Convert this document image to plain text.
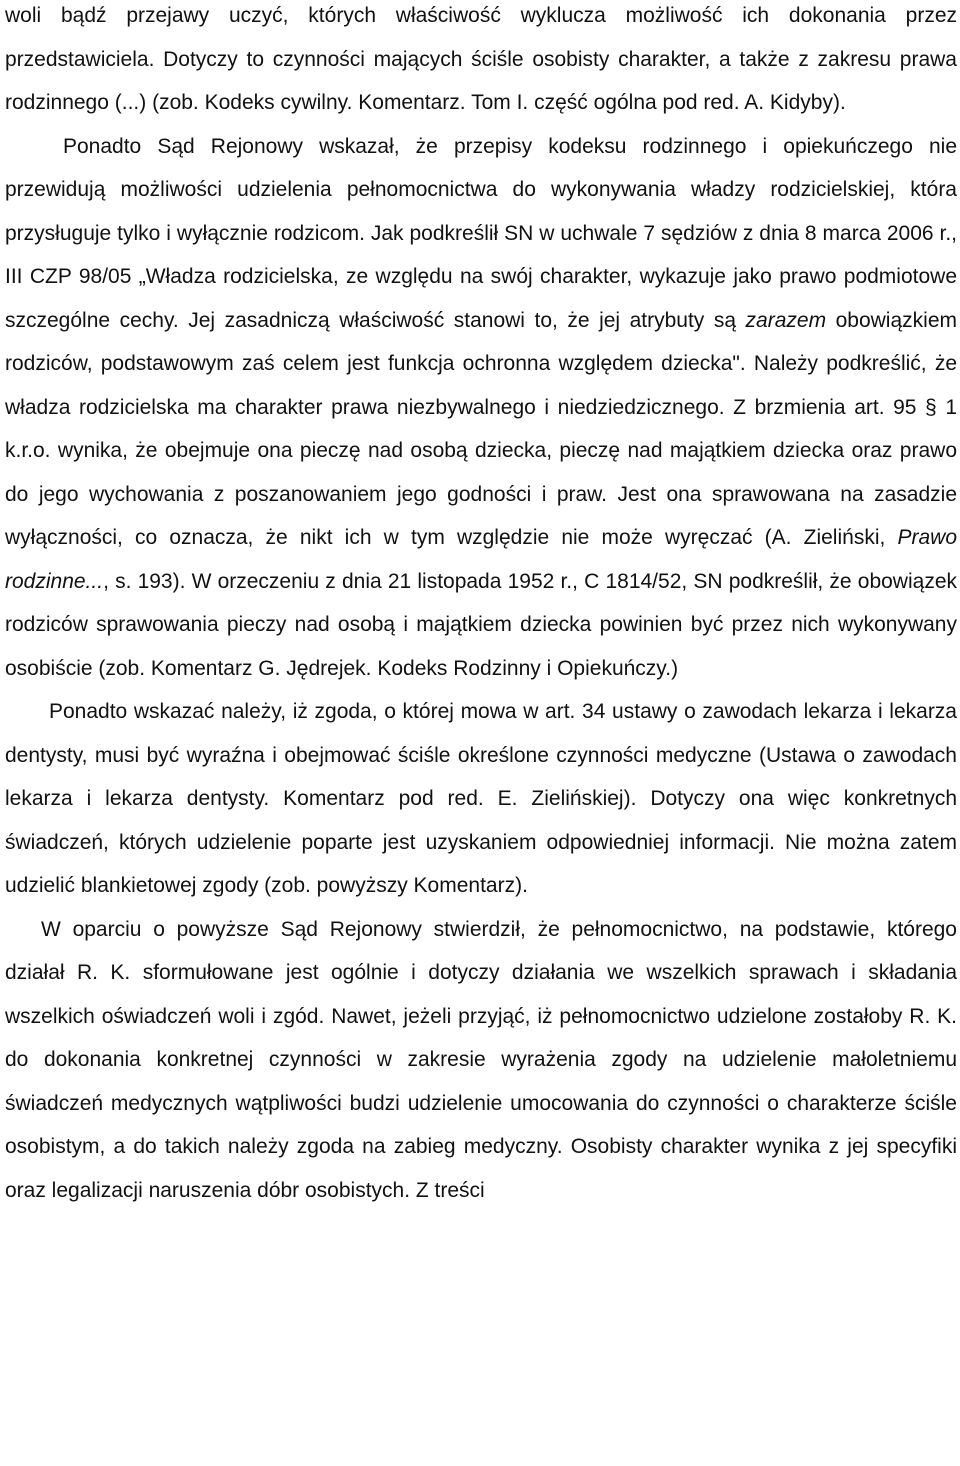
woli bądź przejawy uczyć, których właściwość wyklucza możliwość ich dokonania przez przedstawiciela. Dotyczy to czynności mających ściśle osobisty charakter, a także z zakresu prawa rodzinnego (...) (zob. Kodeks cywilny. Komentarz. Tom I. część ogólna pod red. A. Kidyby).

Ponadto Sąd Rejonowy wskazał, że przepisy kodeksu rodzinnego i opiekuńczego nie przewidują możliwości udzielenia pełnomocnictwa do wykonywania władzy rodzicielskiej, która przysługuje tylko i wyłącznie rodzicom. Jak podkreślił SN w uchwale 7 sędziów z dnia 8 marca 2006 r., III CZP 98/05 „Władza rodzicielska, ze względu na swój charakter, wykazuje jako prawo podmiotowe szczególne cechy. Jej zasadniczą właściwość stanowi to, że jej atrybuty są zarazem obowiązkiem rodziców, podstawowym zaś celem jest funkcja ochronna względem dziecka". Należy podkreślić, że władza rodzicielska ma charakter prawa niezbywalnego i niedziedzicznego. Z brzmienia art. 95 § 1 k.r.o. wynika, że obejmuje ona pieczę nad osobą dziecka, pieczę nad majątkiem dziecka oraz prawo do jego wychowania z poszanowaniem jego godności i praw. Jest ona sprawowana na zasadzie wyłączności, co oznacza, że nikt ich w tym względzie nie może wyręczać (A. Zieliński, Prawo rodzinne..., s. 193). W orzeczeniu z dnia 21 listopada 1952 r., C 1814/52, SN podkreślił, że obowiązek rodziców sprawowania pieczy nad osobą i majątkiem dziecka powinien być przez nich wykonywany osobiście (zob. Komentarz G. Jędrejek. Kodeks Rodzinny i Opiekuńczy.)

Ponadto wskazać należy, iż zgoda, o której mowa w art. 34 ustawy o zawodach lekarza i lekarza dentysty, musi być wyraźna i obejmować ściśle określone czynności medyczne (Ustawa o zawodach lekarza i lekarza dentysty. Komentarz pod red. E. Zielińskiej). Dotyczy ona więc konkretnych świadczeń, których udzielenie poparte jest uzyskaniem odpowiedniej informacji. Nie można zatem udzielić blankietowej zgody (zob. powyższy Komentarz).

W oparciu o powyższe Sąd Rejonowy stwierdził, że pełnomocnictwo, na podstawie, którego działał R. K. sformułowane jest ogólnie i dotyczy działania we wszelkich sprawach i składania wszelkich oświadczeń woli i zgód. Nawet, jeżeli przyjąć, iż pełnomocnictwo udzielone zostałoby R. K. do dokonania konkretnej czynności w zakresie wyrażenia zgody na udzielenie małoletniemu świadczeń medycznych wątpliwości budzi udzielenie umocowania do czynności o charakterze ściśle osobistym, a do takich należy zgoda na zabieg medyczny. Osobisty charakter wynika z jej specyfiki oraz legalizacji naruszenia dóbr osobistych. Z treści
